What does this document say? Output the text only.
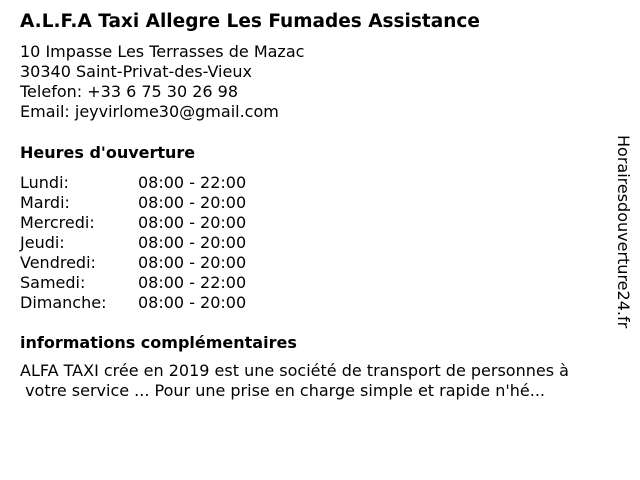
A.L.F.A Taxi Allegre Les Fumades Assistance
10 Impasse Les Terrasses de Mazac
30340 Saint-Privat-des-Vieux
Telefon: +33 6 75 30 26 98
Email: jeyvirlome30@gmail.com
Heures d'ouverture
Lundi:	08:00 - 22:00
Mardi:	08:00 - 20:00
Mercredi:	08:00 - 20:00
Jeudi:	08:00 - 20:00
Vendredi:	08:00 - 20:00
Samedi:	08:00 - 22:00
Dimanche:	08:00 - 20:00
informations complémentaires
ALFA TAXI crée en 2019 est une société de transport de personnes à
votre service ... Pour une prise en charge simple et rapide n'hé...
Horairesdouverture24.fr
